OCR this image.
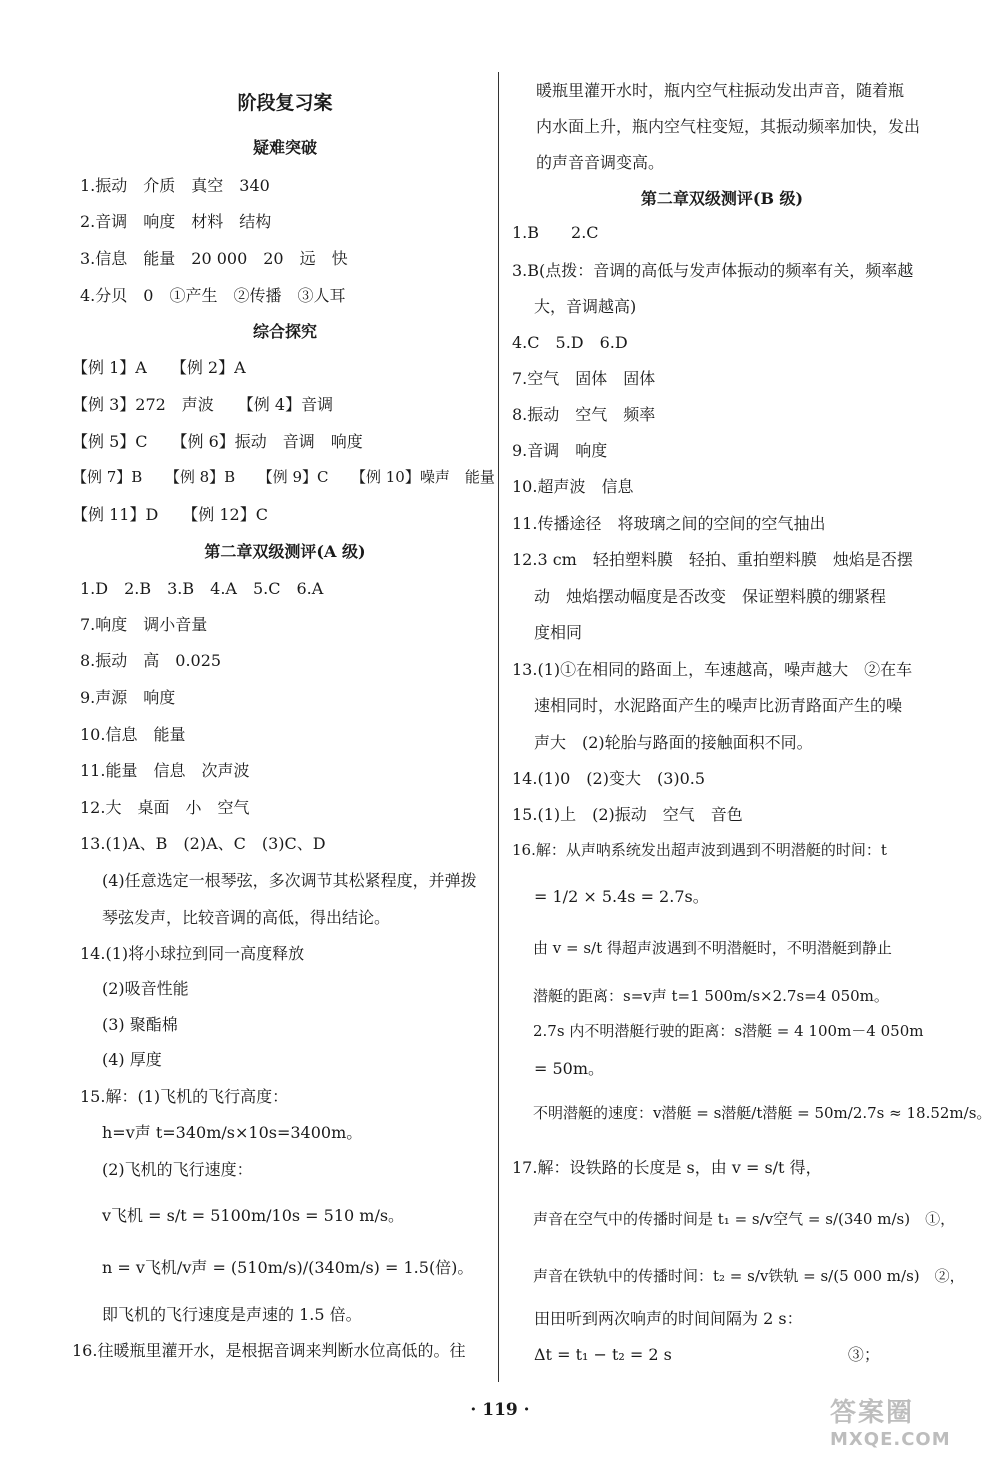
阶段复习案
疑难突破
1.振动　介质　真空　340
2.音调　响度　材料　结构
3.信息　能量　20 000　20　远　快
4.分贝　0　①产生　②传播　③人耳
综合探究
【例 1】A　　【例 2】A
【例 3】272　声波　　【例 4】音调
【例 5】C　　【例 6】振动　音调　响度
【例 7】B　　【例 8】B　　【例 9】C　　【例 10】噪声　能量
【例 11】D　　【例 12】C
第二章双级测评(A 级)
1.D　2.B　3.B　4.A　5.C　6.A
7.响度　调小音量
8.振动　高　0.025
9.声源　响度
10.信息　能量
11.能量　信息　次声波
12.大　桌面　小　空气
13.(1)A、B　(2)A、C　(3)C、D
　(4)任意选定一根琴弦，多次调节其松紧程度，并弹拨
　琴弦发声，比较音调的高低，得出结论。
14.(1)将小球拉到同一高度释放
　(2)吸音性能
　(3) 聚酯棉
　(4) 厚度
15.解：(1)飞机的飞行高度：
　h=v声 t=340m/s×10s=3400m。
　(2)飞机的飞行速度：
　v飞机 = s/t = 5100m/10s = 510 m/s。
　n = v飞机/v声 = (510m/s)/(340m/s) = 1.5(倍)。
　即飞机的飞行速度是声速的 1.5 倍。
16.往暖瓶里灌开水，是根据音调来判断水位高低的。往
暖瓶里灌开水时，瓶内空气柱振动发出声音，随着瓶
内水面上升，瓶内空气柱变短，其振动频率加快，发出
的声音音调变高。
第二章双级测评(B 级)
1.B　　2.C
3.B(点拨：音调的高低与发声体振动的频率有关，频率越
　大，音调越高)
4.C　5.D　6.D
7.空气　固体　固体
8.振动　空气　频率
9.音调　响度
10.超声波　信息
11.传播途径　将玻璃之间的空间的空气抽出
12.3 cm　轻拍塑料膜　轻拍、重拍塑料膜　烛焰是否摆
　动　烛焰摆动幅度是否改变　保证塑料膜的绷紧程
　度相同
13.(1)①在相同的路面上，车速越高，噪声越大　②在车
　速相同时，水泥路面产生的噪声比沥青路面产生的噪
　声大　(2)轮胎与路面的接触面积不同。
14.(1)0　(2)变大　(3)0.5
15.(1)上　(2)振动　空气　音色
16.解：从声呐系统发出超声波到遇到不明潜艇的时间：t
　= 1/2 × 5.4s = 2.7s。
　由 v = s/t 得超声波遇到不明潜艇时，不明潜艇到静止
　潜艇的距离：s=v声 t=1 500m/s×2.7s=4 050m。
　2.7s 内不明潜艇行驶的距离：s潜艇 = 4 100m－4 050m
　= 50m。
　不明潜艇的速度：v潜艇 = s潜艇/t潜艇 = 50m/2.7s ≈ 18.52m/s。
17.解：设铁路的长度是 s，由 v = s/t 得，
　声音在空气中的传播时间是 t₁ = s/v空气 = s/(340 m/s)　①，
　声音在铁轨中的传播时间：t₂ = s/v铁轨 = s/(5 000 m/s)　②，
　田田听到两次响声的时间间隔为 2 s：
　Δt = t₁ − t₂ = 2 s　　　　　　　　　　　③；
· 119 ·	答案圈
MXQE.COM
